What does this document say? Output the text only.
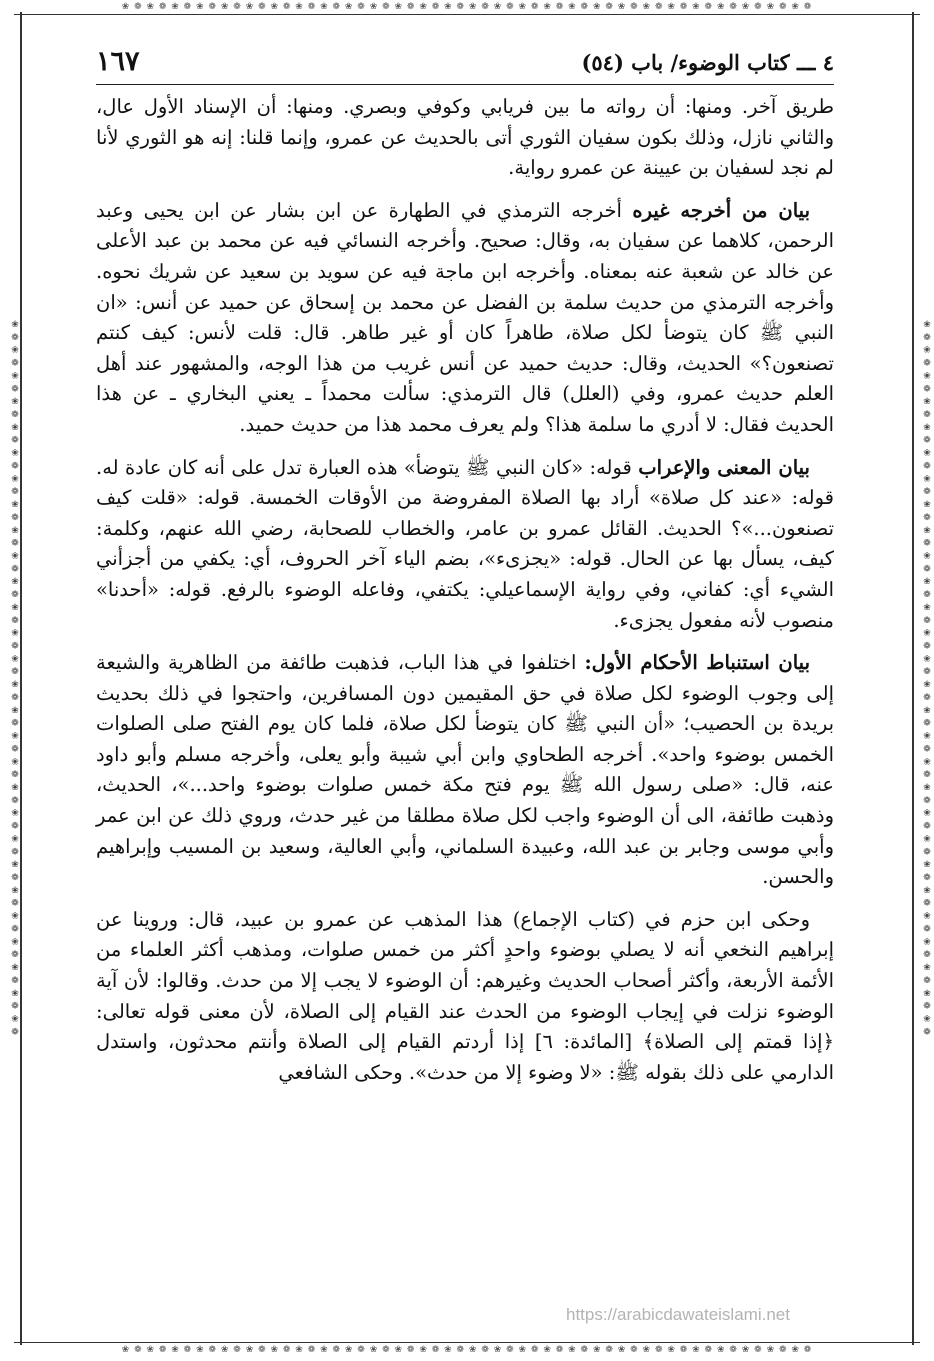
❀ ❁ ❀ ❁ ❀ ❁ ❀ ❁ ❀ ❁ ❀ ❁ ❀ ❁ ❀ ❁ ❀ ❁ ❀ ❁ ❀ ❁ ❀ ❁ ❀ ❁ ❀ ❁ ❀ ❁ ❀ ❁ ❀ ❁ ❀ ❁ ❀ ❁ ❀ ❁ ❀ ❁ ❀ ❁ ❀ ❁ ❀ ❁ ❀ ❁ ❀ ❁ ❀ ❁ ❀ ❁
❀ ❁ ❀ ❁ ❀ ❁ ❀ ❁ ❀ ❁ ❀ ❁ ❀ ❁ ❀ ❁ ❀ ❁ ❀ ❁ ❀ ❁ ❀ ❁ ❀ ❁ ❀ ❁ ❀ ❁ ❀ ❁ ❀ ❁ ❀ ❁ ❀ ❁ ❀ ❁ ❀ ❁ ❀ ❁ ❀ ❁ ❀ ❁ ❀ ❁ ❀ ❁ ❀ ❁ ❀ ❁	❀ ❁ ❀ ❁ ❀ ❁ ❀ ❁ ❀ ❁ ❀ ❁ ❀ ❁ ❀ ❁ ❀ ❁ ❀ ❁ ❀ ❁ ❀ ❁ ❀ ❁ ❀ ❁ ❀ ❁ ❀ ❁ ❀ ❁ ❀ ❁ ❀ ❁ ❀ ❁ ❀ ❁ ❀ ❁ ❀ ❁ ❀ ❁ ❀ ❁ ❀ ❁ ❀ ❁ ❀ ❁
❀ ❁ ❀ ❁ ❀ ❁ ❀ ❁ ❀ ❁ ❀ ❁ ❀ ❁ ❀ ❁ ❀ ❁ ❀ ❁ ❀ ❁ ❀ ❁ ❀ ❁ ❀ ❁ ❀ ❁ ❀ ❁ ❀ ❁ ❀ ❁ ❀ ❁ ❀ ❁ ❀ ❁ ❀ ❁ ❀ ❁ ❀ ❁ ❀ ❁ ❀ ❁ ❀ ❁ ❀ ❁
٤ ـــ كتاب الوضوء/ باب (٥٤)
١٦٧

طريق آخر. ومنها: أن رواته ما بين فريابي وكوفي وبصري. ومنها: أن الإسناد الأول عال، والثاني نازل، وذلك بكون سفيان الثوري أتى بالحديث عن عمرو، وإنما قلنا: إنه هو الثوري لأنا لم نجد لسفيان بن عيينة عن عمرو رواية.

بيان من أخرجه غيره أخرجه الترمذي في الطهارة عن ابن بشار عن ابن يحيى وعبد الرحمن، كلاهما عن سفيان به، وقال: صحيح. وأخرجه النسائي فيه عن محمد بن عبد الأعلى عن خالد عن شعبة عنه بمعناه. وأخرجه ابن ماجة فيه عن سويد بن سعيد عن شريك نحوه. وأخرجه الترمذي من حديث سلمة بن الفضل عن محمد بن إسحاق عن حميد عن أنس: «ان النبي ﷺ كان يتوضأ لكل صلاة، طاهراً كان أو غير طاهر. قال: قلت لأنس: كيف كنتم تصنعون؟» الحديث، وقال: حديث حميد عن أنس غريب من هذا الوجه، والمشهور عند أهل العلم حديث عمرو، وفي (العلل) قال الترمذي: سألت محمداً ـ يعني البخاري ـ عن هذا الحديث فقال: لا أدري ما سلمة هذا؟ ولم يعرف محمد هذا من حديث حميد.

بيان المعنى والإعراب قوله: «كان النبي ﷺ يتوضأ» هذه العبارة تدل على أنه كان عادة له. قوله: «عند كل صلاة» أراد بها الصلاة المفروضة من الأوقات الخمسة. قوله: «قلت كيف تصنعون...»؟ الحديث. القائل عمرو بن عامر، والخطاب للصحابة، رضي الله عنهم، وكلمة: كيف، يسأل بها عن الحال. قوله: «يجزىء»، بضم الياء آخر الحروف، أي: يكفي من أجزأني الشيء أي: كفاني، وفي رواية الإسماعيلي: يكتفي، وفاعله الوضوء بالرفع. قوله: «أحدنا» منصوب لأنه مفعول يجزىء.

بيان استنباط الأحكام الأول: اختلفوا في هذا الباب، فذهبت طائفة من الظاهرية والشيعة إلى وجوب الوضوء لكل صلاة في حق المقيمين دون المسافرين، واحتجوا في ذلك بحديث بريدة بن الحصيب؛ «أن النبي ﷺ كان يتوضأ لكل صلاة، فلما كان يوم الفتح صلى الصلوات الخمس بوضوء واحد». أخرجه الطحاوي وابن أبي شيبة وأبو يعلى، وأخرجه مسلم وأبو داود عنه، قال: «صلى رسول الله ﷺ يوم فتح مكة خمس صلوات بوضوء واحد...»، الحديث، وذهبت طائفة، الى أن الوضوء واجب لكل صلاة مطلقا من غير حدث، وروي ذلك عن ابن عمر وأبي موسى وجابر بن عبد الله، وعبيدة السلماني، وأبي العالية، وسعيد بن المسيب وإبراهيم والحسن.

وحكى ابن حزم في (كتاب الإجماع) هذا المذهب عن عمرو بن عبيد، قال: وروينا عن إبراهيم النخعي أنه لا يصلي بوضوء واحدٍ أكثر من خمس صلوات، ومذهب أكثر العلماء من الأئمة الأربعة، وأكثر أصحاب الحديث وغيرهم: أن الوضوء لا يجب إلا من حدث. وقالوا: لأن آية الوضوء نزلت في إيجاب الوضوء من الحدث عند القيام إلى الصلاة، لأن معنى قوله تعالى: ﴿إذا قمتم إلى الصلاة﴾ [المائدة: ٦] إذا أردتم القيام إلى الصلاة وأنتم محدثون، واستدل الدارمي على ذلك بقوله ﷺ: «لا وضوء إلا من حدث». وحكى الشافعي

https://arabicdawateislami.net
